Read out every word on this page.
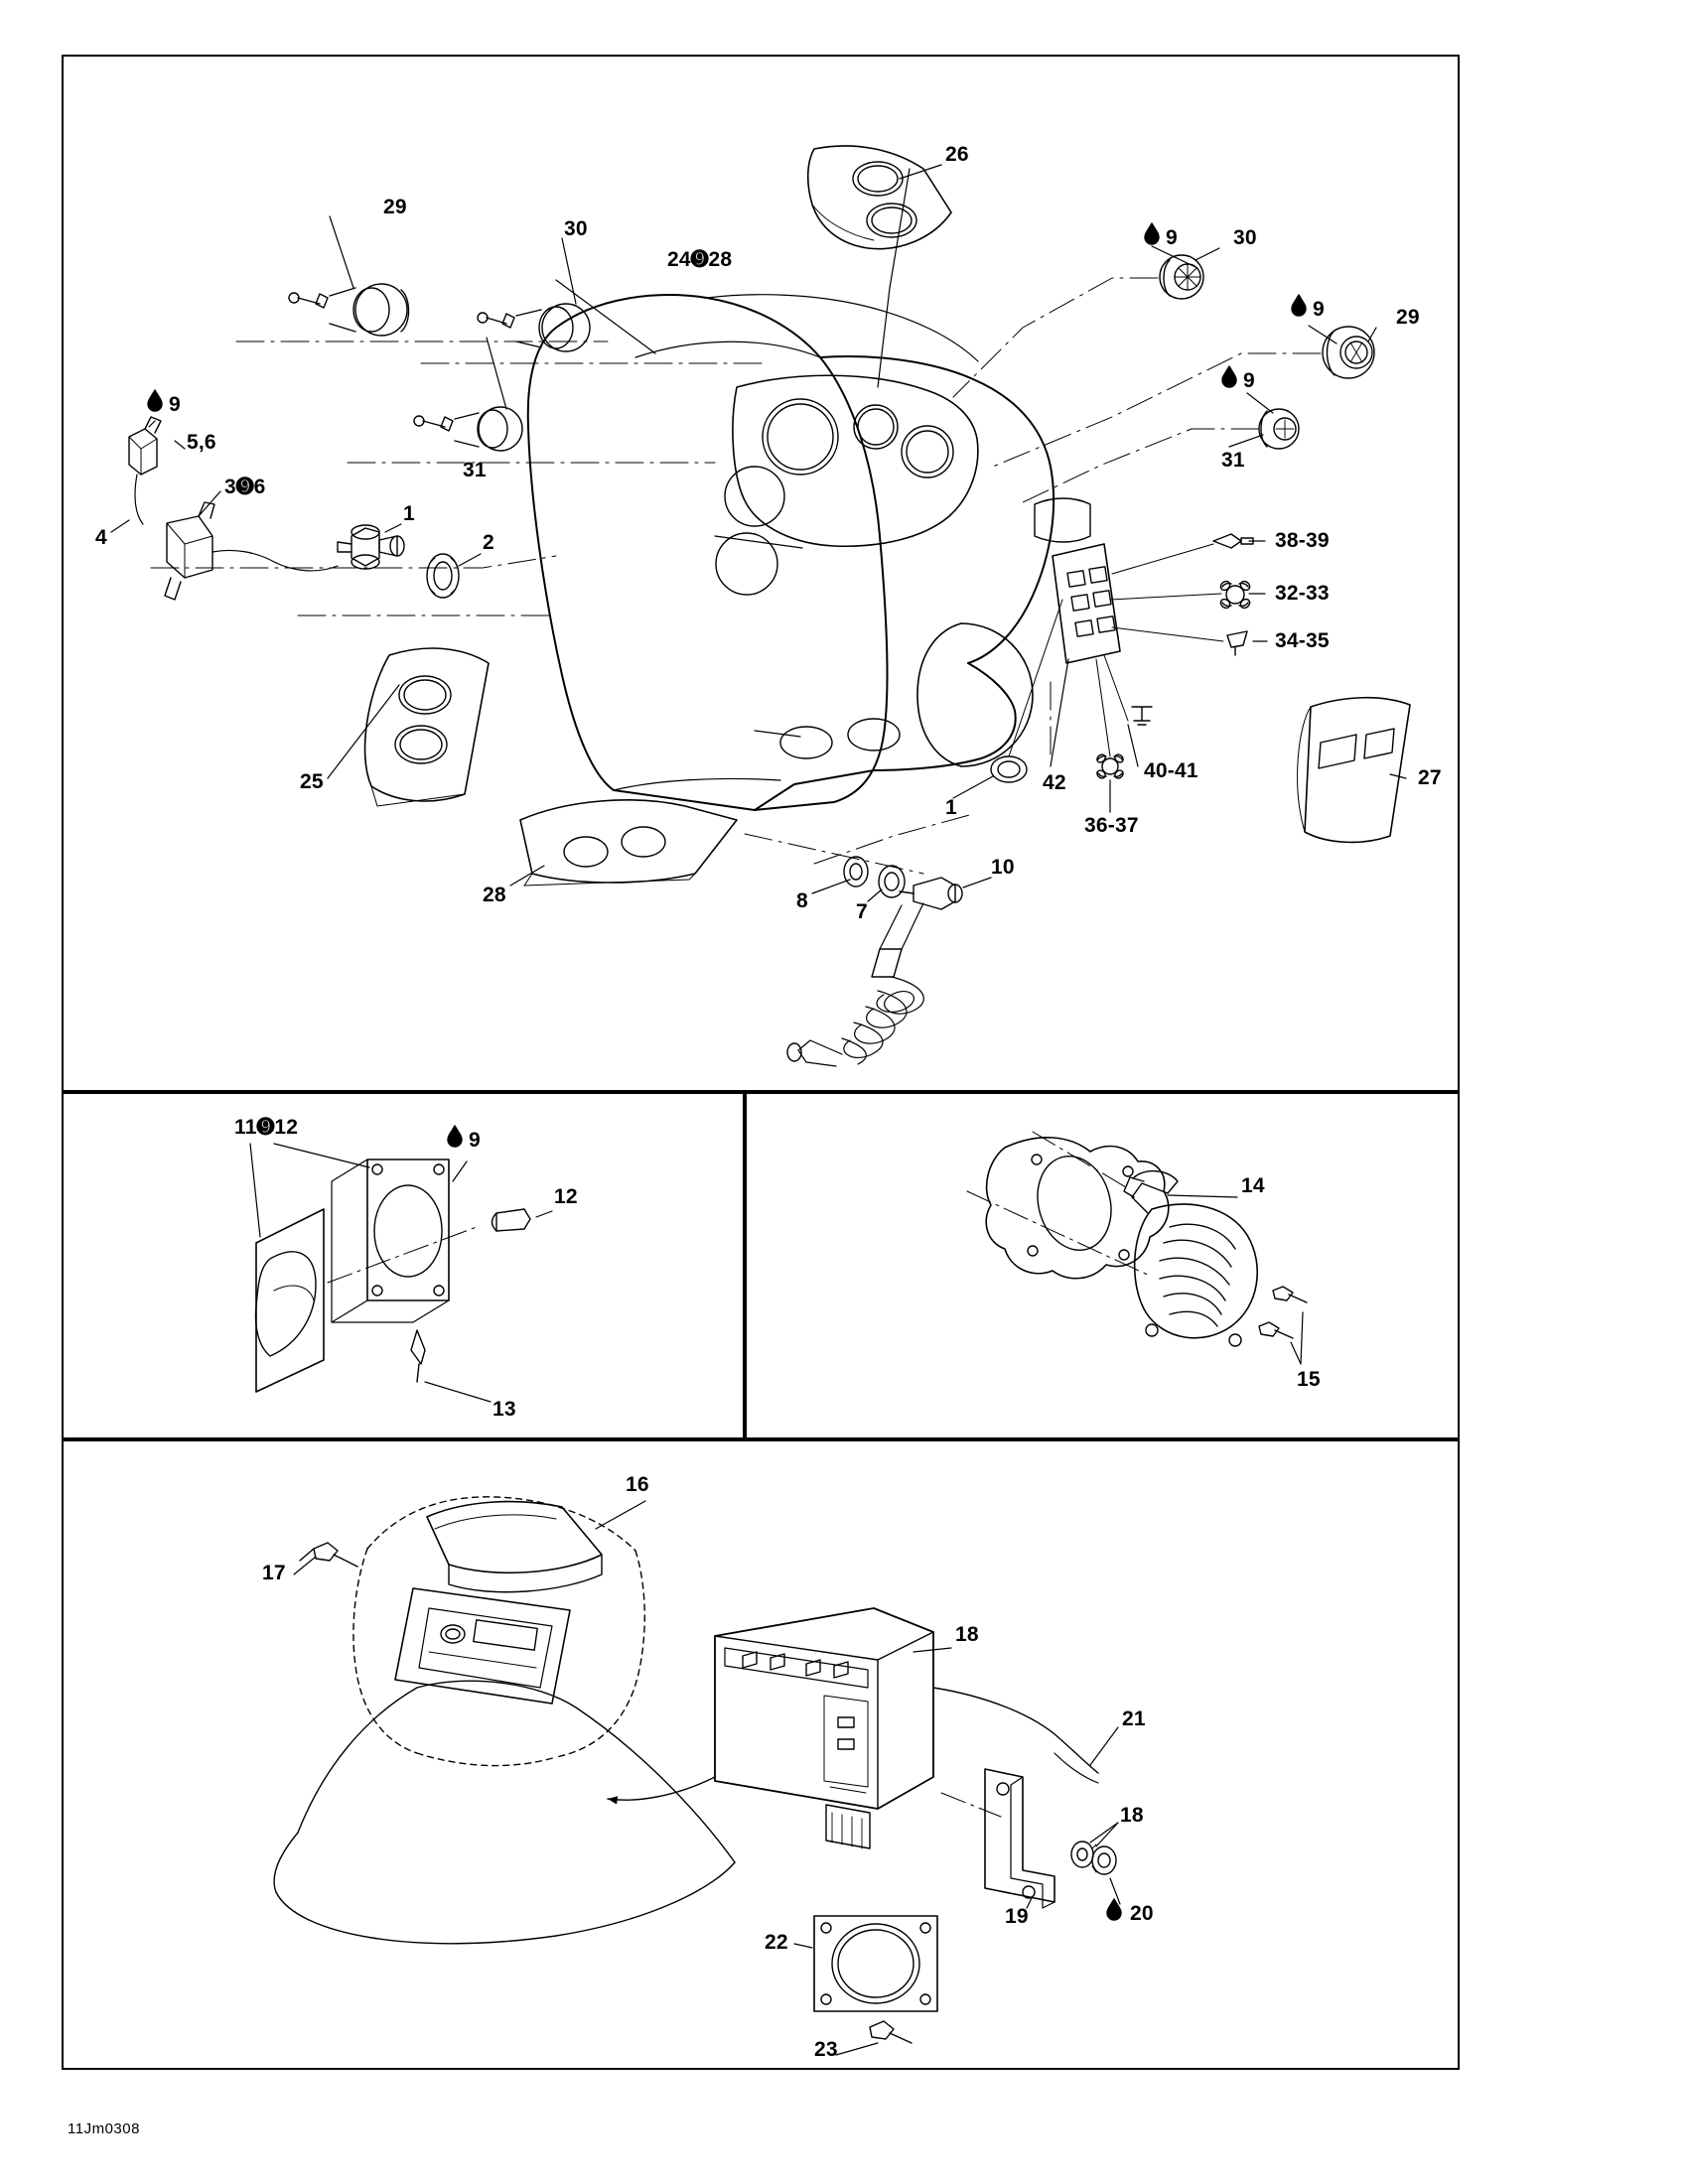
26
29
30
24➒28
9	30
9	29
9
31
31
9
5,6
3➒6
4
1
2	38-39
32-33
34-35
25
28
1
42
40-41
36-37
27
8 7
10
11➒12
9
12
13
14
15
16
17
18
21
18
19	20
22
23
11Jm0308
